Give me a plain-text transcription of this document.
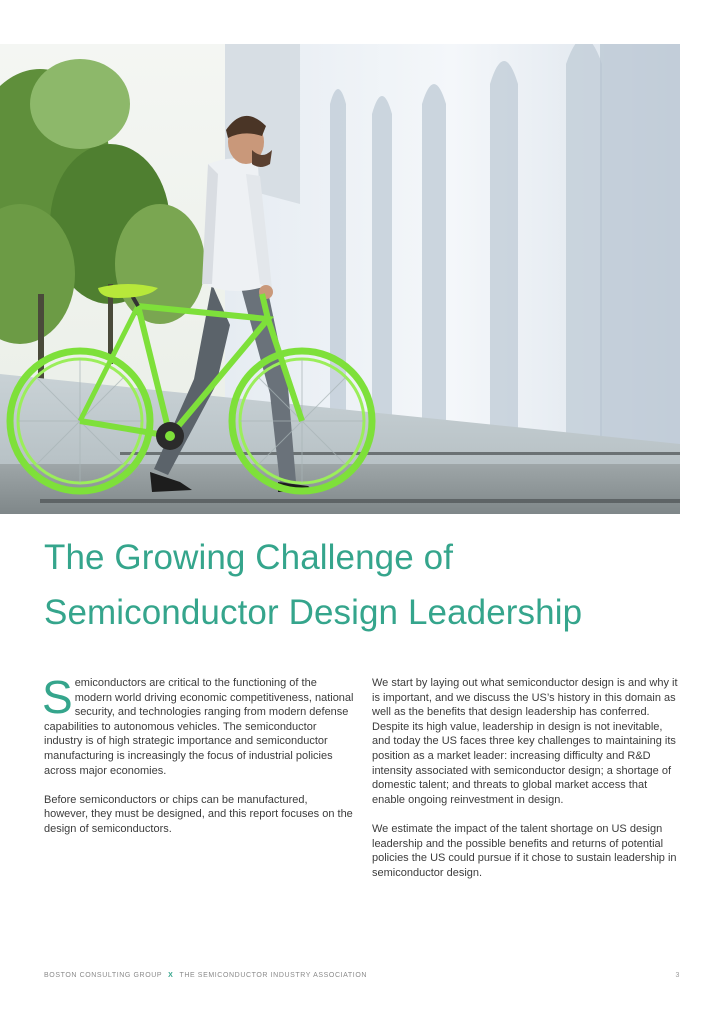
The Growing Challenge of
Semiconductor Design Leadership

Semiconductors are critical to the functioning of the modern world driving economic competitiveness, national security, and technologies ranging from modern defense capabilities to autonomous vehicles. The semiconductor industry is of high strategic importance and semiconductor manufacturing is increasingly the focus of industrial policies across major economies.

Before semiconductors or chips can be manufactured, however, they must be designed, and this report focuses on the design of semiconductors.

We start by laying out what semiconductor design is and why it is important, and we discuss the US’s history in this domain as well as the benefits that design leadership has conferred. Despite its high value, leadership in design is not inevitable, and today the US faces three key challenges to maintaining its position as a market leader: increasing difficulty and R&D intensity associated with semiconductor design; a shortage of domestic talent; and threats to global market access that enable ongoing reinvestment in design.

We estimate the impact of the talent shortage on US design leadership and the possible benefits and returns of potential policies the US could pursue if it chose to sustain leadership in semiconductor design.

BOSTON CONSULTING GROUP X THE SEMICONDUCTOR INDUSTRY ASSOCIATION	3
